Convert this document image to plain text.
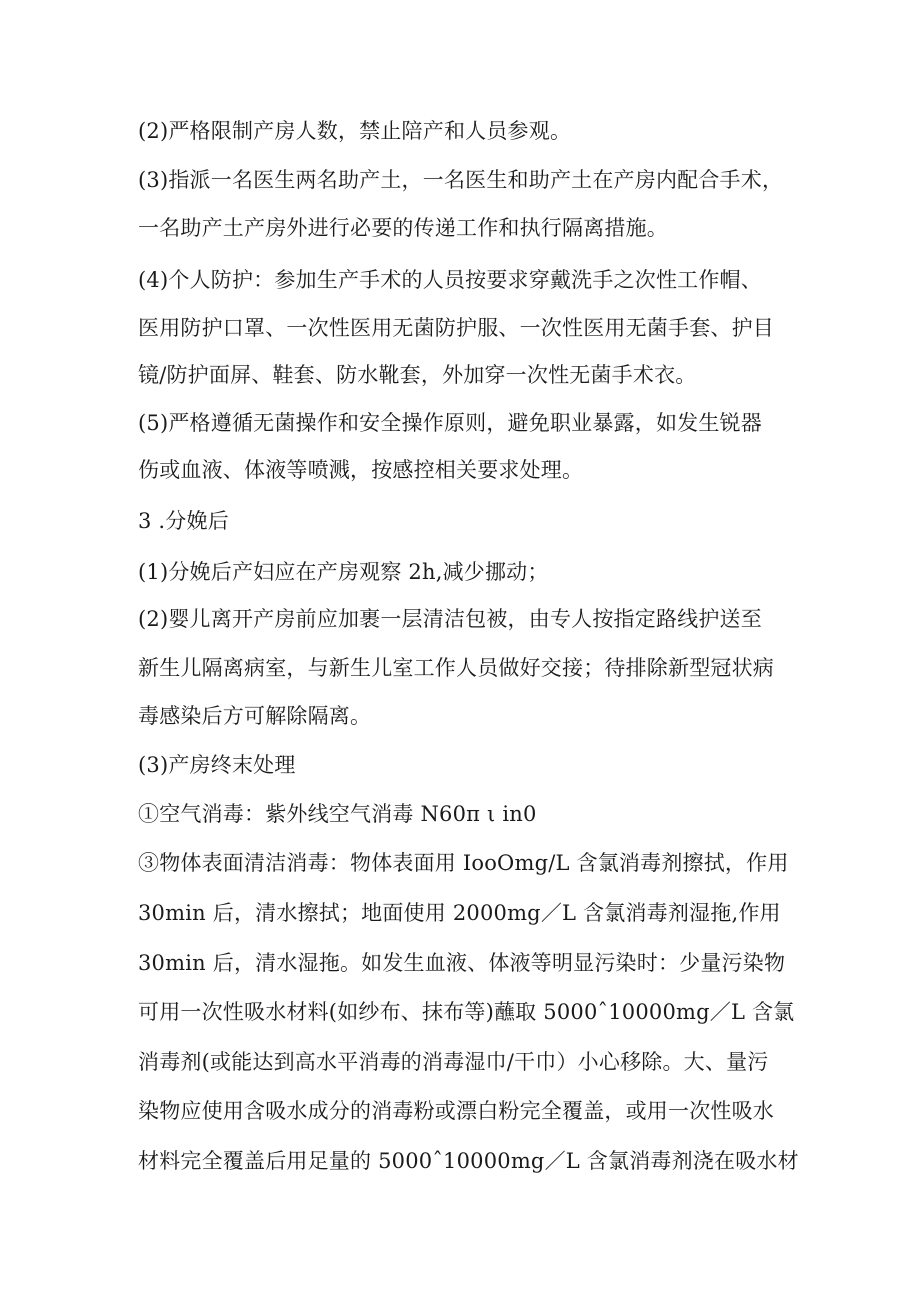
(2)严格限制产房人数，禁止陪产和人员参观。
(3)指派一名医生两名助产土，一名医生和助产土在产房内配合手术，
一名助产土产房外进行必要的传递工作和执行隔离措施。
(4)个人防护：参加生产手术的人员按要求穿戴洗手之次性工作帽、
医用防护口罩、一次性医用无菌防护服、一次性医用无菌手套、护目
镜/防护面屏、鞋套、防水靴套，外加穿一次性无菌手术衣。
(5)严格遵循无菌操作和安全操作原则，避免职业暴露，如发生锐器
伤或血液、体液等喷溅，按感控相关要求处理。
3 .分娩后
(1)分娩后产妇应在产房观察 2h,减少挪动；
(2)婴儿离开产房前应加裹一层清洁包被，由专人按指定路线护送至
新生儿隔离病室，与新生儿室工作人员做好交接；待排除新型冠状病
毒感染后方可解除隔离。
(3)产房终末处理
①空气消毒：紫外线空气消毒 N60π ι in0
③物体表面清洁消毒：物体表面用 IooOmg/L 含氯消毒剂擦拭，作用
30min 后，清水擦拭；地面使用 2000mg／L 含氯消毒剂湿拖,作用
30min 后，清水湿拖。如发生血液、体液等明显污染时：少量污染物
可用一次性吸水材料(如纱布、抹布等)蘸取 5000ˆ10000mg／L 含氯
消毒剂(或能达到高水平消毒的消毒湿巾/干巾）小心移除。大、量污
染物应使用含吸水成分的消毒粉或漂白粉完全覆盖，或用一次性吸水
材料完全覆盖后用足量的 5000ˆ10000mg／L 含氯消毒剂浇在吸水材
